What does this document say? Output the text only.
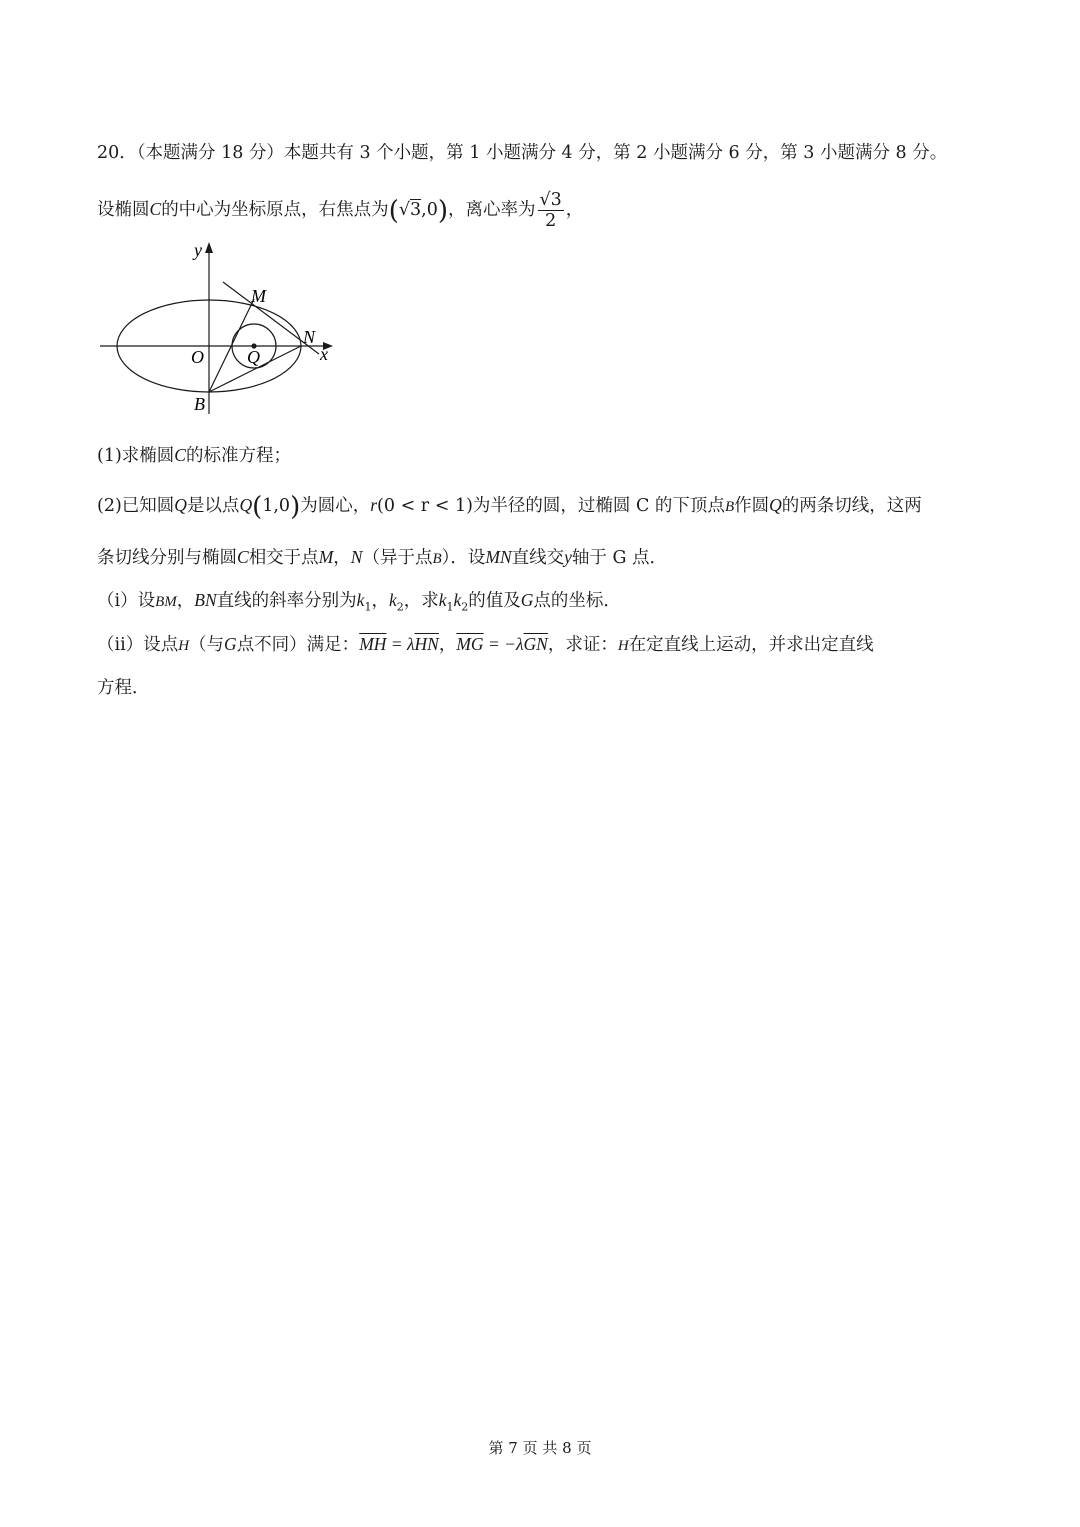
20．（本题满分 18 分）本题共有 3 个小题，第 1 小题满分 4 分，第 2 小题满分 6 分，第 3 小题满分 8 分。
设椭圆C的中心为坐标原点，右焦点为(√3,0)，离心率为 $\frac{√3}{2}$ ，
y
M
N
x
O Q
B
(1)求椭圆C的标准方程；
(2)已知圆Q是以点Q(1,0)为圆心，r(0 < r < 1)为半径的圆，过椭圆 C 的下顶点B作圆Q的两条切线，这两
条切线分别与椭圆C相交于点M，N（异于点B）．设MN直线交y轴于 G 点．
（i）设BM，BN直线的斜率分别为$k_1$，$k_2$，求$k_1k_2$的值及G点的坐标．
（ii）设点H（与G点不同）满足：$\overline{MH} = \lambda\overline{HN}$，$\overline{MG} = -\lambda\overline{GN}$，求证：H在定直线上运动，并求出定直线
方程．
第 7 页 共 8 页
